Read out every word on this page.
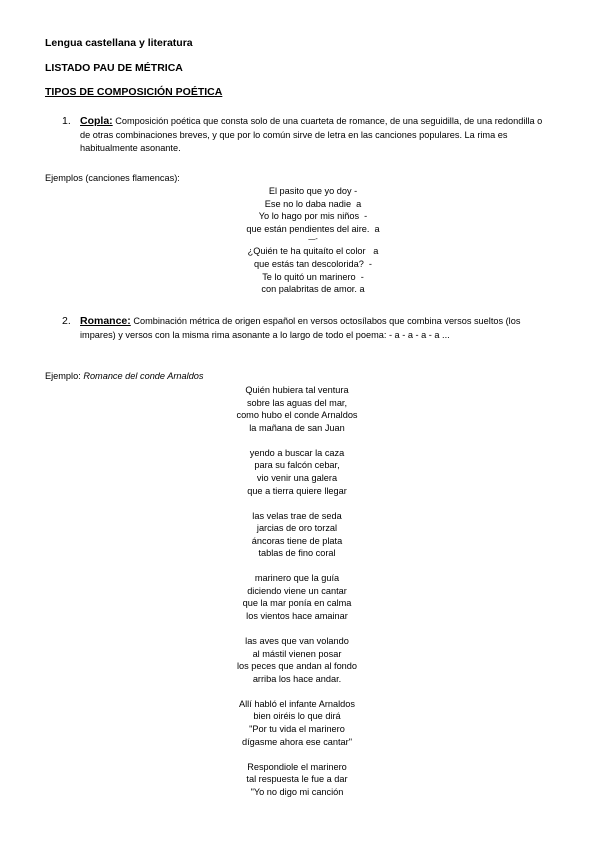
Lengua castellana y literatura
LISTADO PAU DE MÉTRICA
TIPOS DE COMPOSICIÓN POÉTICA
1. Copla: Composición poética que consta solo de una cuarteta de romance, de una seguidilla, de una redondilla o de otras combinaciones breves, y que por lo común sirve de letra en las canciones populares. La rima es habitualmente asonante.
Ejemplos (canciones flamencas):
El pasito que yo doy -
Ese no lo daba nadie  a
Yo lo hago por mis niños  -
que están pendientes del aire.  a
—-
¿Quién te ha quitaíto el color   a
que estás tan descolorida?  -
Te lo quitó un marinero  -
con palabritas de amor. a
2. Romance: Combinación métrica de origen español en versos octosílabos que combina versos sueltos (los impares) y versos con la misma rima asonante a lo largo de todo el poema: - a - a - a - a ...
Ejemplo: Romance del conde Arnaldos
Quién hubiera tal ventura
sobre las aguas del mar,
como hubo el conde Arnaldos
la mañana de san Juan
yendo a buscar la caza
para su falcón cebar,
vio venir una galera
que a tierra quiere llegar
las velas trae de seda
jarcias de oro torzal
áncoras tiene de plata
tablas de fino coral
marinero que la guía
diciendo viene un cantar
que la mar ponía en calma
los vientos hace amainar
las aves que van volando
al mástil vienen posar
los peces que andan al fondo
arriba los hace andar.
Allí habló el infante Arnaldos
bien oiréis lo que dirá
"Por tu vida el marinero
dígasme ahora ese cantar"
Respondiole el marinero
tal respuesta le fue a dar
"Yo no digo mi canción
